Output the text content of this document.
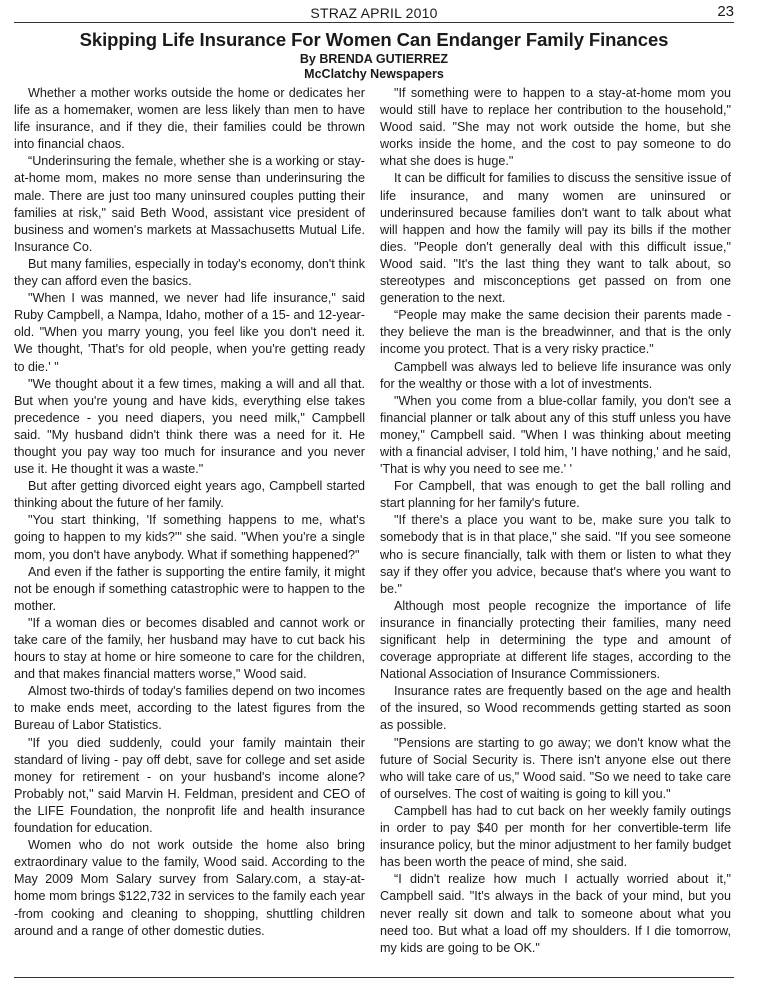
STRAZ APRIL 2010	23
Skipping Life Insurance For Women Can Endanger Family Finances
By BRENDA GUTIERREZ
McClatchy Newspapers

Whether a mother works outside the home or dedicates her life as a homemaker, women are less likely than men to have life insurance, and if they die, their families could be thrown into financial chaos.

“Underinsuring the female, whether she is a working or stay-at-home mom, makes no more sense than underinsuring the male. There are just too many uninsured couples putting their families at risk," said Beth Wood, assistant vice president of business and women's markets at Massachusetts Mutual Life. Insurance Co.

But many families, especially in today's economy, don't think they can afford even the basics.

"When I was manned, we never had life insurance," said Ruby Campbell, a Nampa, Idaho, mother of a 15- and 12-year-old. "When you marry young, you feel like you don't need it. We thought, 'That's for old people, when you're getting ready to die.' "

"We thought about it a few times, making a will and all that. But when you're young and have kids, everything else takes precedence - you need diapers, you need milk," Campbell said. "My husband didn't think there was a need for it. He thought you pay way too much for insurance and you never use it. He thought it was a waste."

But after getting divorced eight years ago, Campbell started thinking about the future of her family.

"You start thinking, 'If something happens to me, what's going to happen to my kids?'" she said. "When you're a single mom, you don't have anybody. What if something happened?"

And even if the father is supporting the entire family, it might not be enough if something catastrophic were to happen to the mother.

"If a woman dies or becomes disabled and cannot work or take care of the family, her husband may have to cut back his hours to stay at home or hire someone to care for the children, and that makes financial matters worse," Wood said.

Almost two-thirds of today's families depend on two incomes to make ends meet, according to the latest figures from the Bureau of Labor Statistics.

"If you died suddenly, could your family maintain their standard of living - pay off debt, save for college and set aside money for retirement - on your husband's income alone? Probably not," said Marvin H. Feldman, president and CEO of the LIFE Foundation, the nonprofit life and health insurance foundation for education.

Women who do not work outside the home also bring extraordinary value to the family, Wood said. According to the May 2009 Mom Salary survey from Salary.com, a stay-at-home mom brings $122,732 in services to the family each year -from cooking and cleaning to shopping, shuttling children around and a range of other domestic duties.

"If something were to happen to a stay-at-home mom you would still have to replace her contribution to the household," Wood said. "She may not work outside the home, but she works inside the home, and the cost to pay someone to do what she does is huge."

It can be difficult for families to discuss the sensitive issue of life insurance, and many women are uninsured or underinsured because families don't want to talk about what will happen and how the family will pay its bills if the mother dies. "People don't generally deal with this difficult issue," Wood said. "It's the last thing they want to talk about, so stereotypes and misconceptions get passed on from one generation to the next.

“People may make the same decision their parents made - they believe the man is the breadwinner, and that is the only income you protect. That is a very risky practice."

Campbell was always led to believe life insurance was only for the wealthy or those with a lot of investments.

"When you come from a blue-collar family, you don't see a financial planner or talk about any of this stuff unless you have money," Campbell said. "When I was thinking about meeting with a financial adviser, I told him, 'I have nothing,' and he said, 'That is why you need to see me.' '

For Campbell, that was enough to get the ball rolling and start planning for her family's future.

"If there's a place you want to be, make sure you talk to somebody that is in that place," she said. "If you see someone who is secure financially, talk with them or listen to what they say if they offer you advice, because that's where you want to be."

Although most people recognize the importance of life insurance in financially protecting their families, many need significant help in determining the type and amount of coverage appropriate at different life stages, according to the National Association of Insurance Commissioners.

Insurance rates are frequently based on the age and health of the insured, so Wood recommends getting started as soon as possible.

"Pensions are starting to go away; we don't know what the future of Social Security is. There isn't anyone else out there who will take care of us," Wood said. "So we need to take care of ourselves. The cost of waiting is going to kill you."

Campbell has had to cut back on her weekly family outings in order to pay $40 per month for her convertible-term life insurance policy, but the minor adjustment to her family budget has been worth the peace of mind, she said.

“I didn't realize how much I actually worried about it," Campbell said. "It's always in the back of your mind, but you never really sit down and talk to someone about what you need too. But what a load off my shoulders. If I die tomorrow, my kids are going to be OK."
